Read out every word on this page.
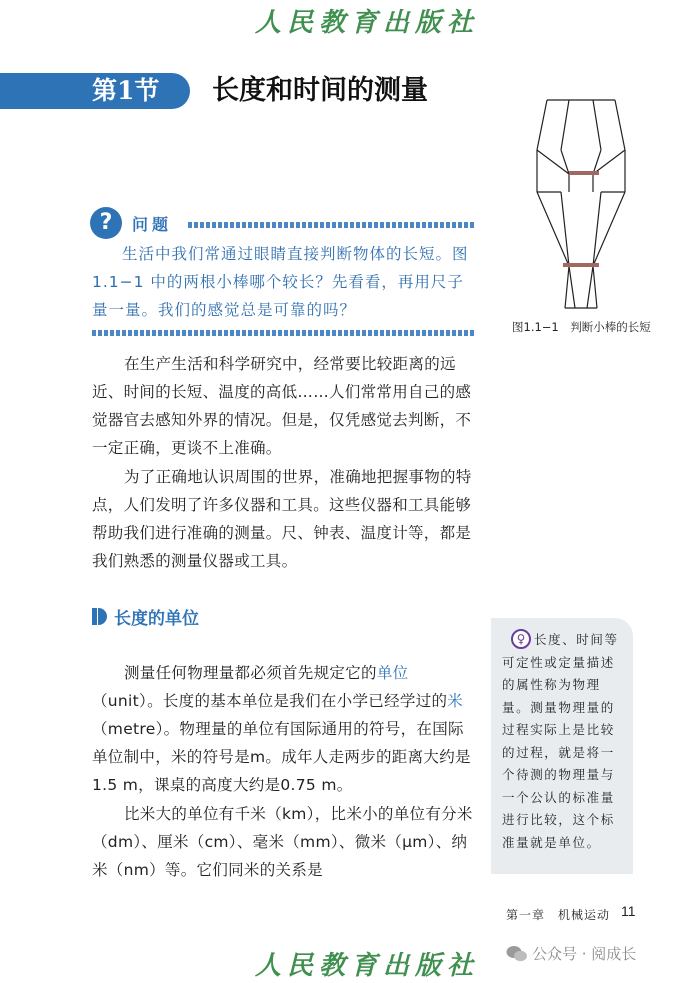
人民教育出版社
第1节 长度和时间的测量
图1.1−1　判断小棒的长短
?	问题
生活中我们常通过眼睛直接判断物体的长短。图1.1−1 中的两根小棒哪个较长？先看看，再用尺子量一量。我们的感觉总是可靠的吗？
在生产生活和科学研究中，经常要比较距离的远近、时间的长短、温度的高低……人们常常用自己的感觉器官去感知外界的情况。但是，仅凭感觉去判断，不一定正确，更谈不上准确。
为了正确地认识周围的世界，准确地把握事物的特点，人们发明了许多仪器和工具。这些仪器和工具能够帮助我们进行准确的测量。尺、钟表、温度计等，都是我们熟悉的测量仪器或工具。
长度的单位
测量任何物理量都必须首先规定它的单位（unit）。长度的基本单位是我们在小学已经学过的米（metre）。物理量的单位有国际通用的符号，在国际单位制中，米的符号是m。成年人走两步的距离大约是1.5 m，课桌的高度大约是0.75 m。
比米大的单位有千米（km），比米小的单位有分米（dm）、厘米（cm）、毫米（mm）、微米（μm）、纳米（nm）等。它们同米的关系是
♀ 长度、时间等可定性或定量描述的属性称为物理量。测量物理量的过程实际上是比较的过程，就是将一个待测的物理量与一个公认的标准量进行比较，这个标准量就是单位。
第一章　机械运动 11
人民教育出版社	公众号 · 阅成长
